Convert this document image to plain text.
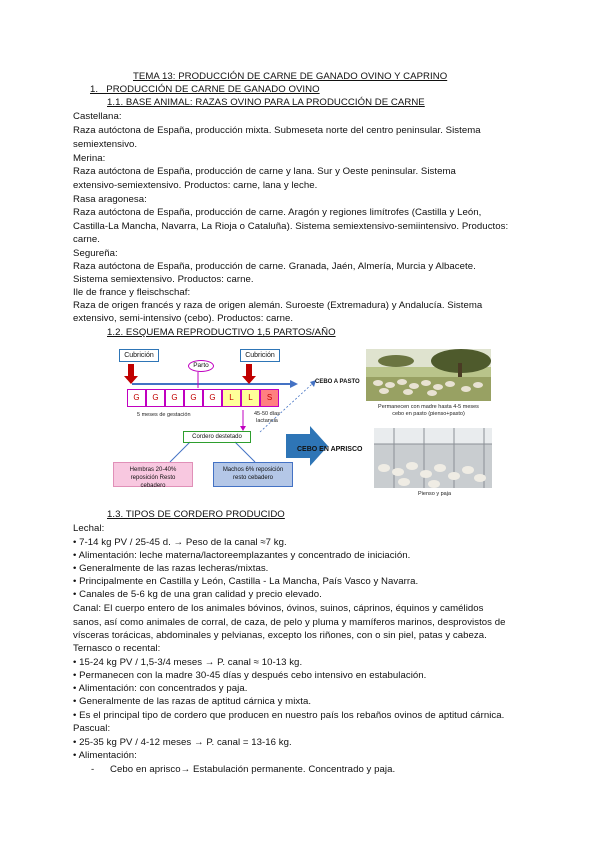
TEMA 13: PRODUCCIÓN DE CARNE DE GANADO OVINO Y CAPRINO
1.   PRODUCCIÓN DE CARNE DE GANADO OVINO
1.1. BASE ANIMAL: RAZAS OVINO PARA LA PRODUCCIÓN DE CARNE
Castellana:
Raza autóctona de España, producción mixta. Submeseta norte del centro peninsular. Sistema
semiextensivo.
Merina:
Raza autóctona de España, producción de carne y lana. Sur y Oeste peninsular. Sistema
extensivo-semiextensivo. Productos: carne, lana y leche.
Rasa aragonesa:
Raza autóctona de España, producción de carne. Aragón y regiones limítrofes (Castilla y León,
Castilla-La Mancha, Navarra, La Rioja o Cataluña). Sistema semiextensivo-semiintensivo. Productos:
carne.
Segureña:
Raza autóctona de España, producción de carne. Granada, Jaén, Almería, Murcia y Albacete.
Sistema semiextensivo. Productos: carne.
Ile de france y fleischschaf:
Raza de origen francés y raza de origen alemán. Suroeste (Extremadura) y Andalucía. Sistema
extensivo, semi-intensivo (cebo). Productos: carne.
1.2. ESQUEMA REPRODUCTIVO 1,5 PARTOS/AÑO
Cubrición
Parto
Cubrición
G	G	G	G	G	L	L	S
5 meses de gestación	45-50 días lactancia
Cordero destetado
Hembras 20-40% reposición Resto cebadero
Machos 6% reposición resto cebadero
CEBO A PASTO
CEBO EN APRISCO
Permanecen con madre hasta 4-5 meses
cebo en pasto (pienso+pasto)
Pienso y paja
1.3. TIPOS DE CORDERO PRODUCIDO
Lechal:
• 7-14 kg PV / 25-45 d. → Peso de la canal ≈7 kg.
• Alimentación: leche materna/lactoreemplazantes y concentrado de iniciación.
• Generalmente de las razas lecheras/mixtas.
• Principalmente en Castilla y León, Castilla - La Mancha, País Vasco y Navarra.
• Canales de 5-6 kg de una gran calidad y precio elevado.
Canal: El cuerpo entero de los animales bóvinos, óvinos, suinos, cáprinos, équinos y camélidos
sanos, así como animales de corral, de caza, de pelo y pluma y mamíferos marinos, desprovistos de
vísceras torácicas, abdominales y pelvianas, excepto los riñones, con o sin piel, patas y cabeza.
Ternasco o recental:
• 15-24 kg PV / 1,5-3/4 meses → P. canal ≈ 10-13 kg.
• Permanecen con la madre 30-45 días y después cebo intensivo en estabulación.
• Alimentación: con concentrados y paja.
• Generalmente de las razas de aptitud cárnica y mixta.
• Es el principal tipo de cordero que producen en nuestro país los rebaños ovinos de aptitud cárnica.
Pascual:
• 25-35 kg PV / 4-12 meses → P. canal = 13-16 kg.
• Alimentación:
- Cebo en aprisco→ Estabulación permanente. Concentrado y paja.
